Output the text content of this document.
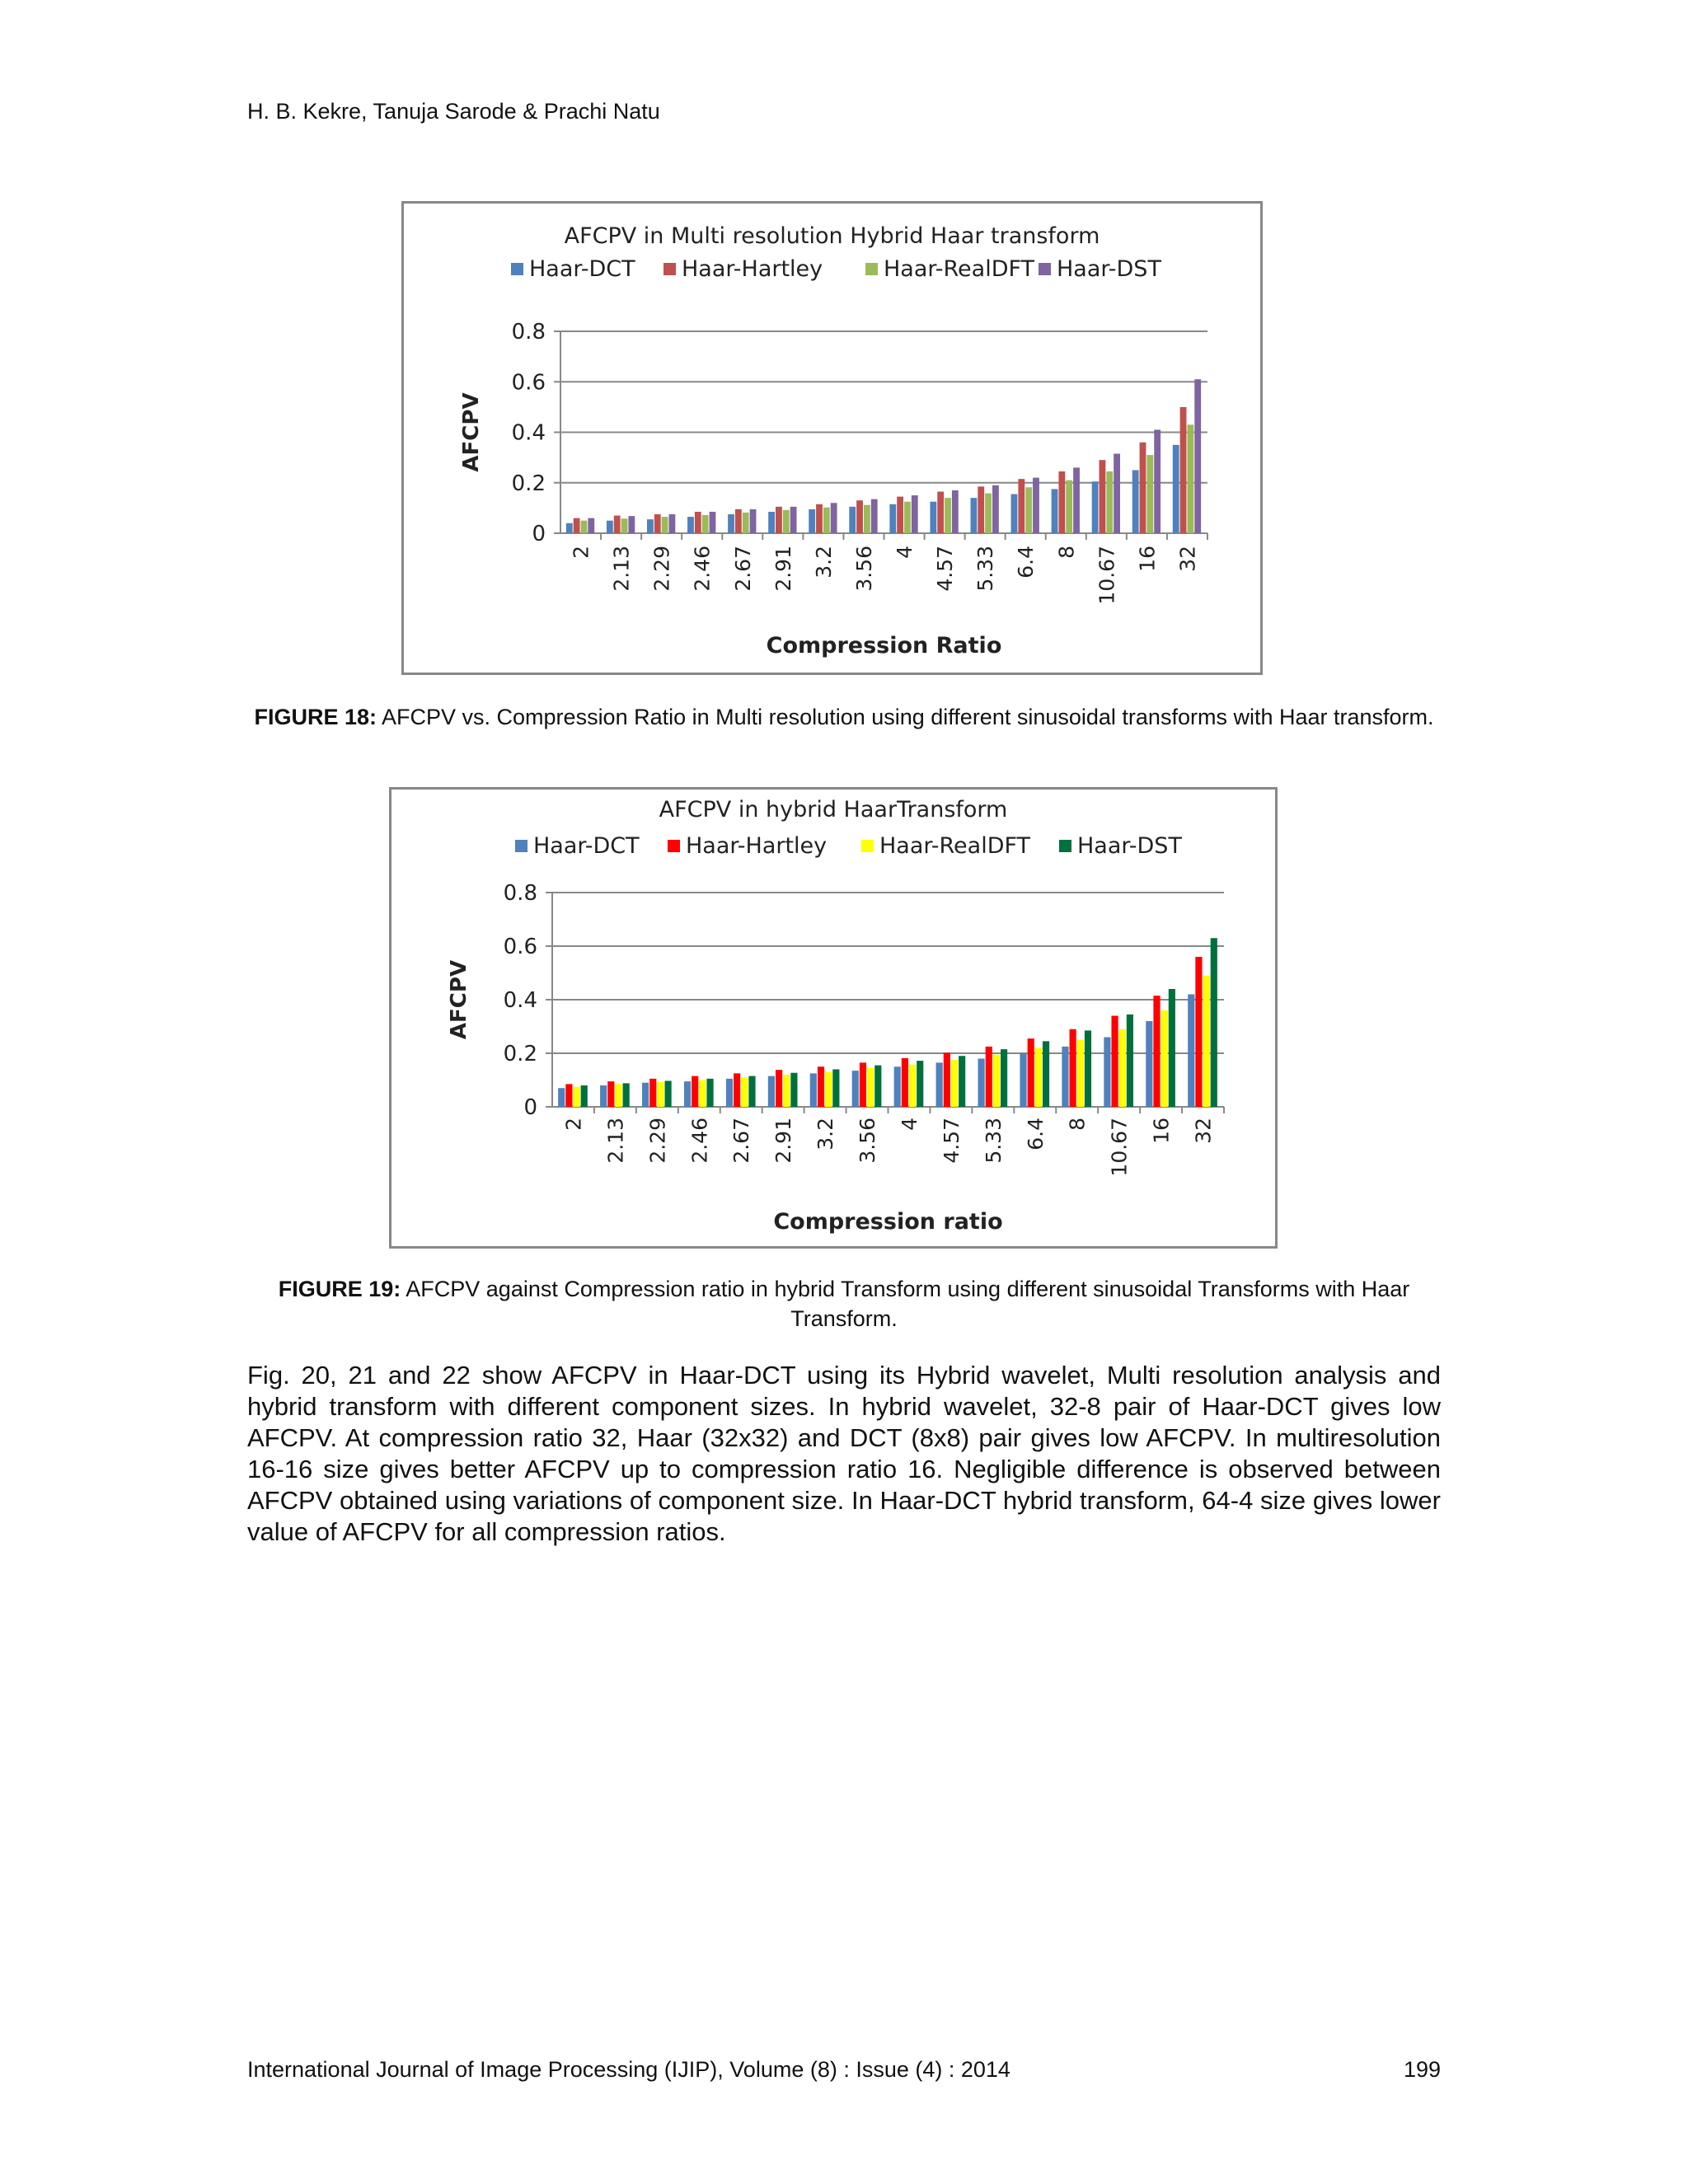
H. B. Kekre, Tanuja Sarode & Prachi Natu
AFCPV in Multi resolution Hybrid Haar transform
Haar-DCT Haar-Hartley	Haar-RealDFT Haar-DST
0
0.2
0.4
0.6
0.8
AFCPV
2 2.13 2.29 2.46 2.67 2.91 3.2 3.56 4 4.57 5.33 6.4 8 10.67 16 32
Compression Ratio
FIGURE 18: AFCPV vs. Compression Ratio in Multi resolution using different sinusoidal transforms with Haar transform.
AFCPV in hybrid HaarTransform
Haar-DCT Haar-Hartley Haar-RealDFT Haar-DST
0
0.2
0.4
0.6
0.8
AFCPV
2 2.13 2.29 2.46 2.67 2.91 3.2 3.56 4 4.57 5.33 6.4 8 10.67 16 32
Compression ratio
FIGURE 19: AFCPV against Compression ratio in hybrid Transform using different sinusoidal Transforms with Haar Transform.
Fig. 20, 21 and 22 show AFCPV in Haar-DCT using its Hybrid wavelet, Multi resolution analysis and hybrid transform with different component sizes. In hybrid wavelet, 32-8 pair of Haar-DCT gives low AFCPV. At compression ratio 32, Haar (32x32) and DCT (8x8) pair gives low AFCPV. In multiresolution 16-16 size gives better AFCPV up to compression ratio 16. Negligible difference is observed between AFCPV obtained using variations of component size. In Haar-DCT hybrid transform, 64-4 size gives lower value of AFCPV for all compression ratios.
International Journal of Image Processing (IJIP), Volume (8) : Issue (4) : 2014	199
